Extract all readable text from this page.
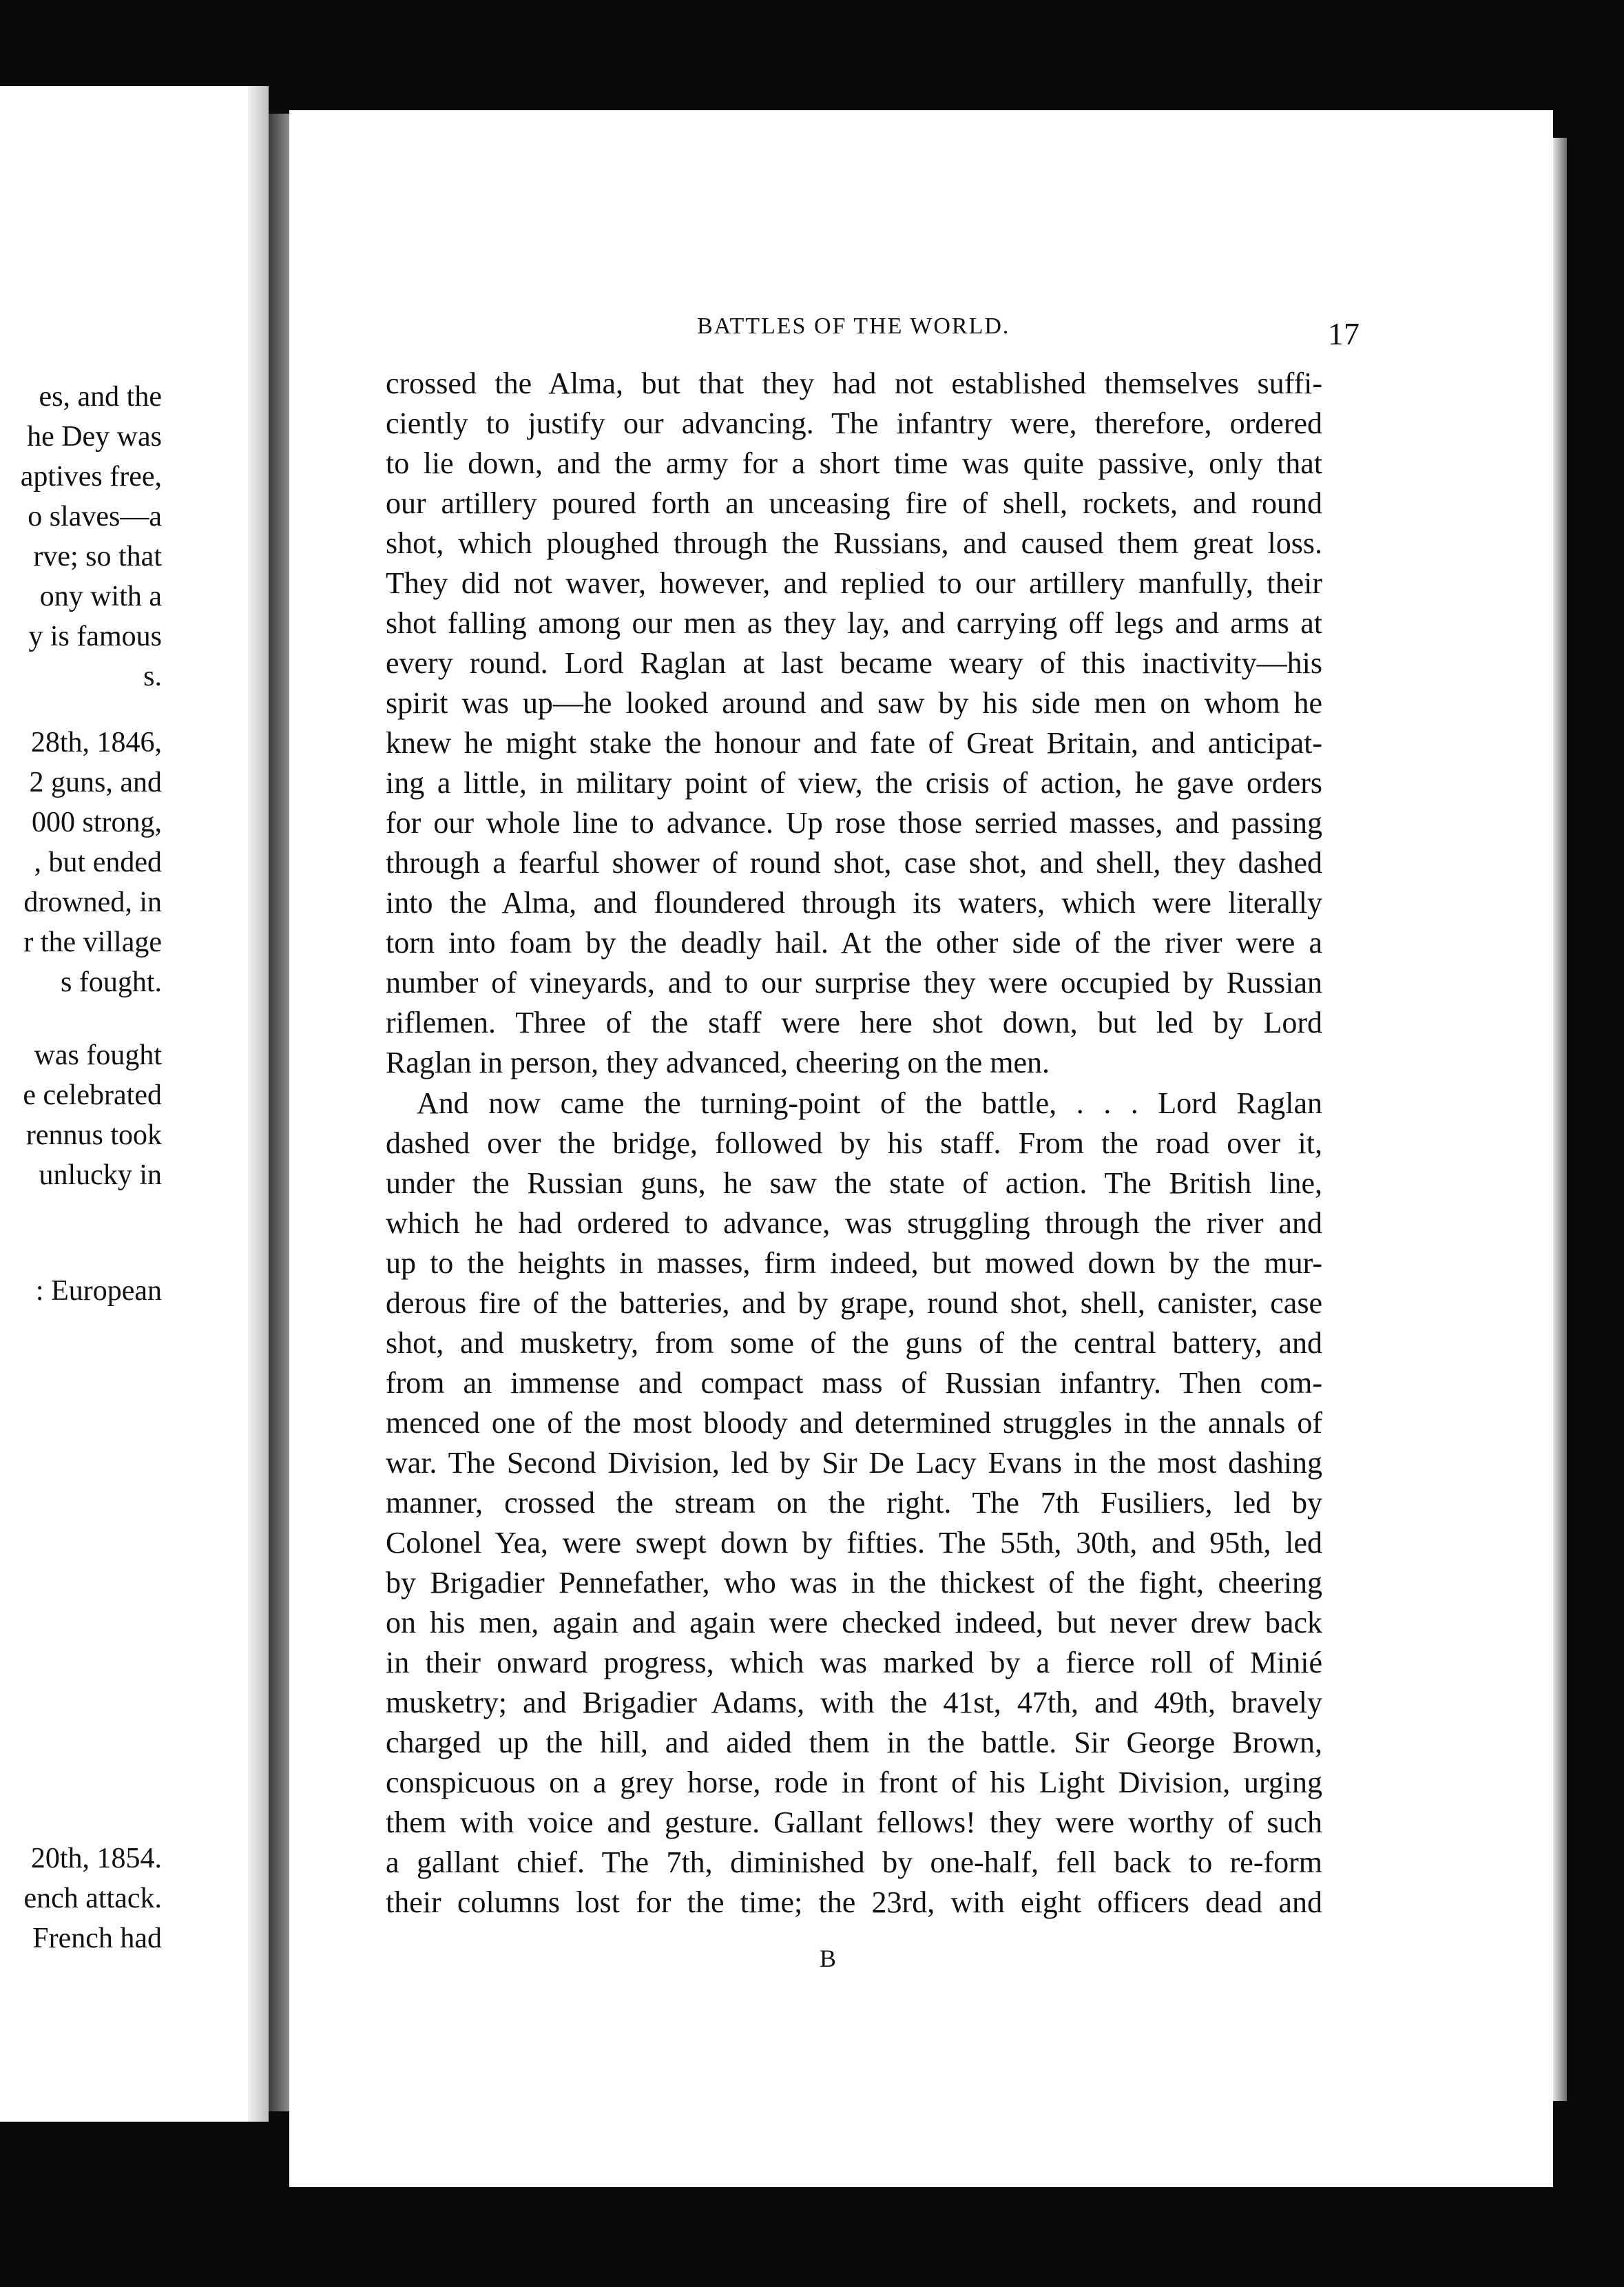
es, and the
he Dey was
aptives free,
o slaves—a
rve; so that
ony with a
y is famous
s.
28th, 1846,
2 guns, and
000 strong,
, but ended
drowned, in
r the village
s fought.
was fought
e celebrated
rennus took
unlucky in
: European
20th, 1854.
ench attack.
French had
BATTLES OF THE WORLD.	17
crossed the Alma, but that they had not established themselves suffi-
ciently to justify our advancing. The infantry were, therefore, ordered
to lie down, and the army for a short time was quite passive, only that
our artillery poured forth an unceasing fire of shell, rockets, and round
shot, which ploughed through the Russians, and caused them great loss.
They did not waver, however, and replied to our artillery manfully, their
shot falling among our men as they lay, and carrying off legs and arms at
every round. Lord Raglan at last became weary of this inactivity—his
spirit was up—he looked around and saw by his side men on whom he
knew he might stake the honour and fate of Great Britain, and anticipat-
ing a little, in military point of view, the crisis of action, he gave orders
for our whole line to advance. Up rose those serried masses, and passing
through a fearful shower of round shot, case shot, and shell, they dashed
into the Alma, and floundered through its waters, which were literally
torn into foam by the deadly hail. At the other side of the river were a
number of vineyards, and to our surprise they were occupied by Russian
riflemen. Three of the staff were here shot down, but led by Lord
Raglan in person, they advanced, cheering on the men.
And now came the turning-point of the battle, . . . Lord Raglan
dashed over the bridge, followed by his staff. From the road over it,
under the Russian guns, he saw the state of action. The British line,
which he had ordered to advance, was struggling through the river and
up to the heights in masses, firm indeed, but mowed down by the mur-
derous fire of the batteries, and by grape, round shot, shell, canister, case
shot, and musketry, from some of the guns of the central battery, and
from an immense and compact mass of Russian infantry. Then com-
menced one of the most bloody and determined struggles in the annals of
war. The Second Division, led by Sir De Lacy Evans in the most dashing
manner, crossed the stream on the right. The 7th Fusiliers, led by
Colonel Yea, were swept down by fifties. The 55th, 30th, and 95th, led
by Brigadier Pennefather, who was in the thickest of the fight, cheering
on his men, again and again were checked indeed, but never drew back
in their onward progress, which was marked by a fierce roll of Minié
musketry; and Brigadier Adams, with the 41st, 47th, and 49th, bravely
charged up the hill, and aided them in the battle. Sir George Brown,
conspicuous on a grey horse, rode in front of his Light Division, urging
them with voice and gesture. Gallant fellows! they were worthy of such
a gallant chief. The 7th, diminished by one-half, fell back to re-form
their columns lost for the time; the 23rd, with eight officers dead and
B
